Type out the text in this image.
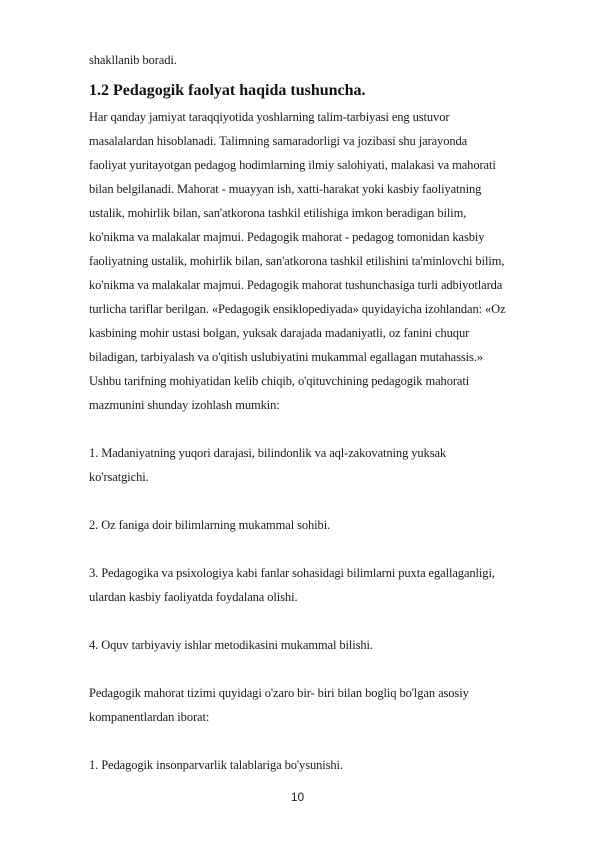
shakllanib boradi.
1.2 Pedagogik faolyat haqida tushuncha.
Har qanday jamiyat taraqqiyotida yoshlarning talim-tarbiyasi eng ustuvor
masalalardan hisoblanadi. Talimning samaradorligi va jozibasi shu jarayonda
faoliyat yuritayotgan pedagog hodimlarning ilmiy salohiyati, malakasi va mahorati
bilan belgilanadi. Mahorat - muayyan ish, xatti-harakat yoki kasbiy faoliyatning
ustalik, mohirlik bilan, san'atkorona tashkil etilishiga imkon beradigan bilim,
ko'nikma va malakalar majmui. Pedagogik mahorat - pedagog tomonidan kasbiy
faoliyatning ustalik, mohirlik bilan, san'atkorona tashkil etilishini ta'minlovchi bilim,
ko'nikma va malakalar majmui. Pedagogik mahorat tushunchasiga turli adbiyotlarda
turlicha tariflar berilgan. «Pedagogik ensiklopediyada» quyidayicha izohlandan: «Oz
kasbining mohir ustasi bolgan, yuksak darajada madaniyatli, oz fanini chuqur
biladigan, tarbiyalash va o'qitish uslubiyatini mukammal egallagan mutahassis.»
Ushbu tarifning mohiyatidan kelib chiqib, o'qituvchining pedagogik mahorati
mazmunini shunday izohlash mumkin:
1. Madaniyatning yuqori darajasi, bilindonlik va aql-zakovatning yuksak
ko'rsatgichi.
2. Oz faniga doir bilimlarning mukammal sohibi.
3. Pedagogika va psixologiya kabi fanlar sohasidagi bilimlarni puxta egallaganligi,
ulardan kasbiy faoliyatda foydalana olishi.
4. Oquv tarbiyaviy ishlar metodikasini mukammal bilishi.
Pedagogik mahorat tizimi quyidagi o'zaro bir- biri bilan bogliq bo'lgan asosiy
kompanentlardan iborat:
1. Pedagogik insonparvarlik talablariga bo'ysunishi.
10
